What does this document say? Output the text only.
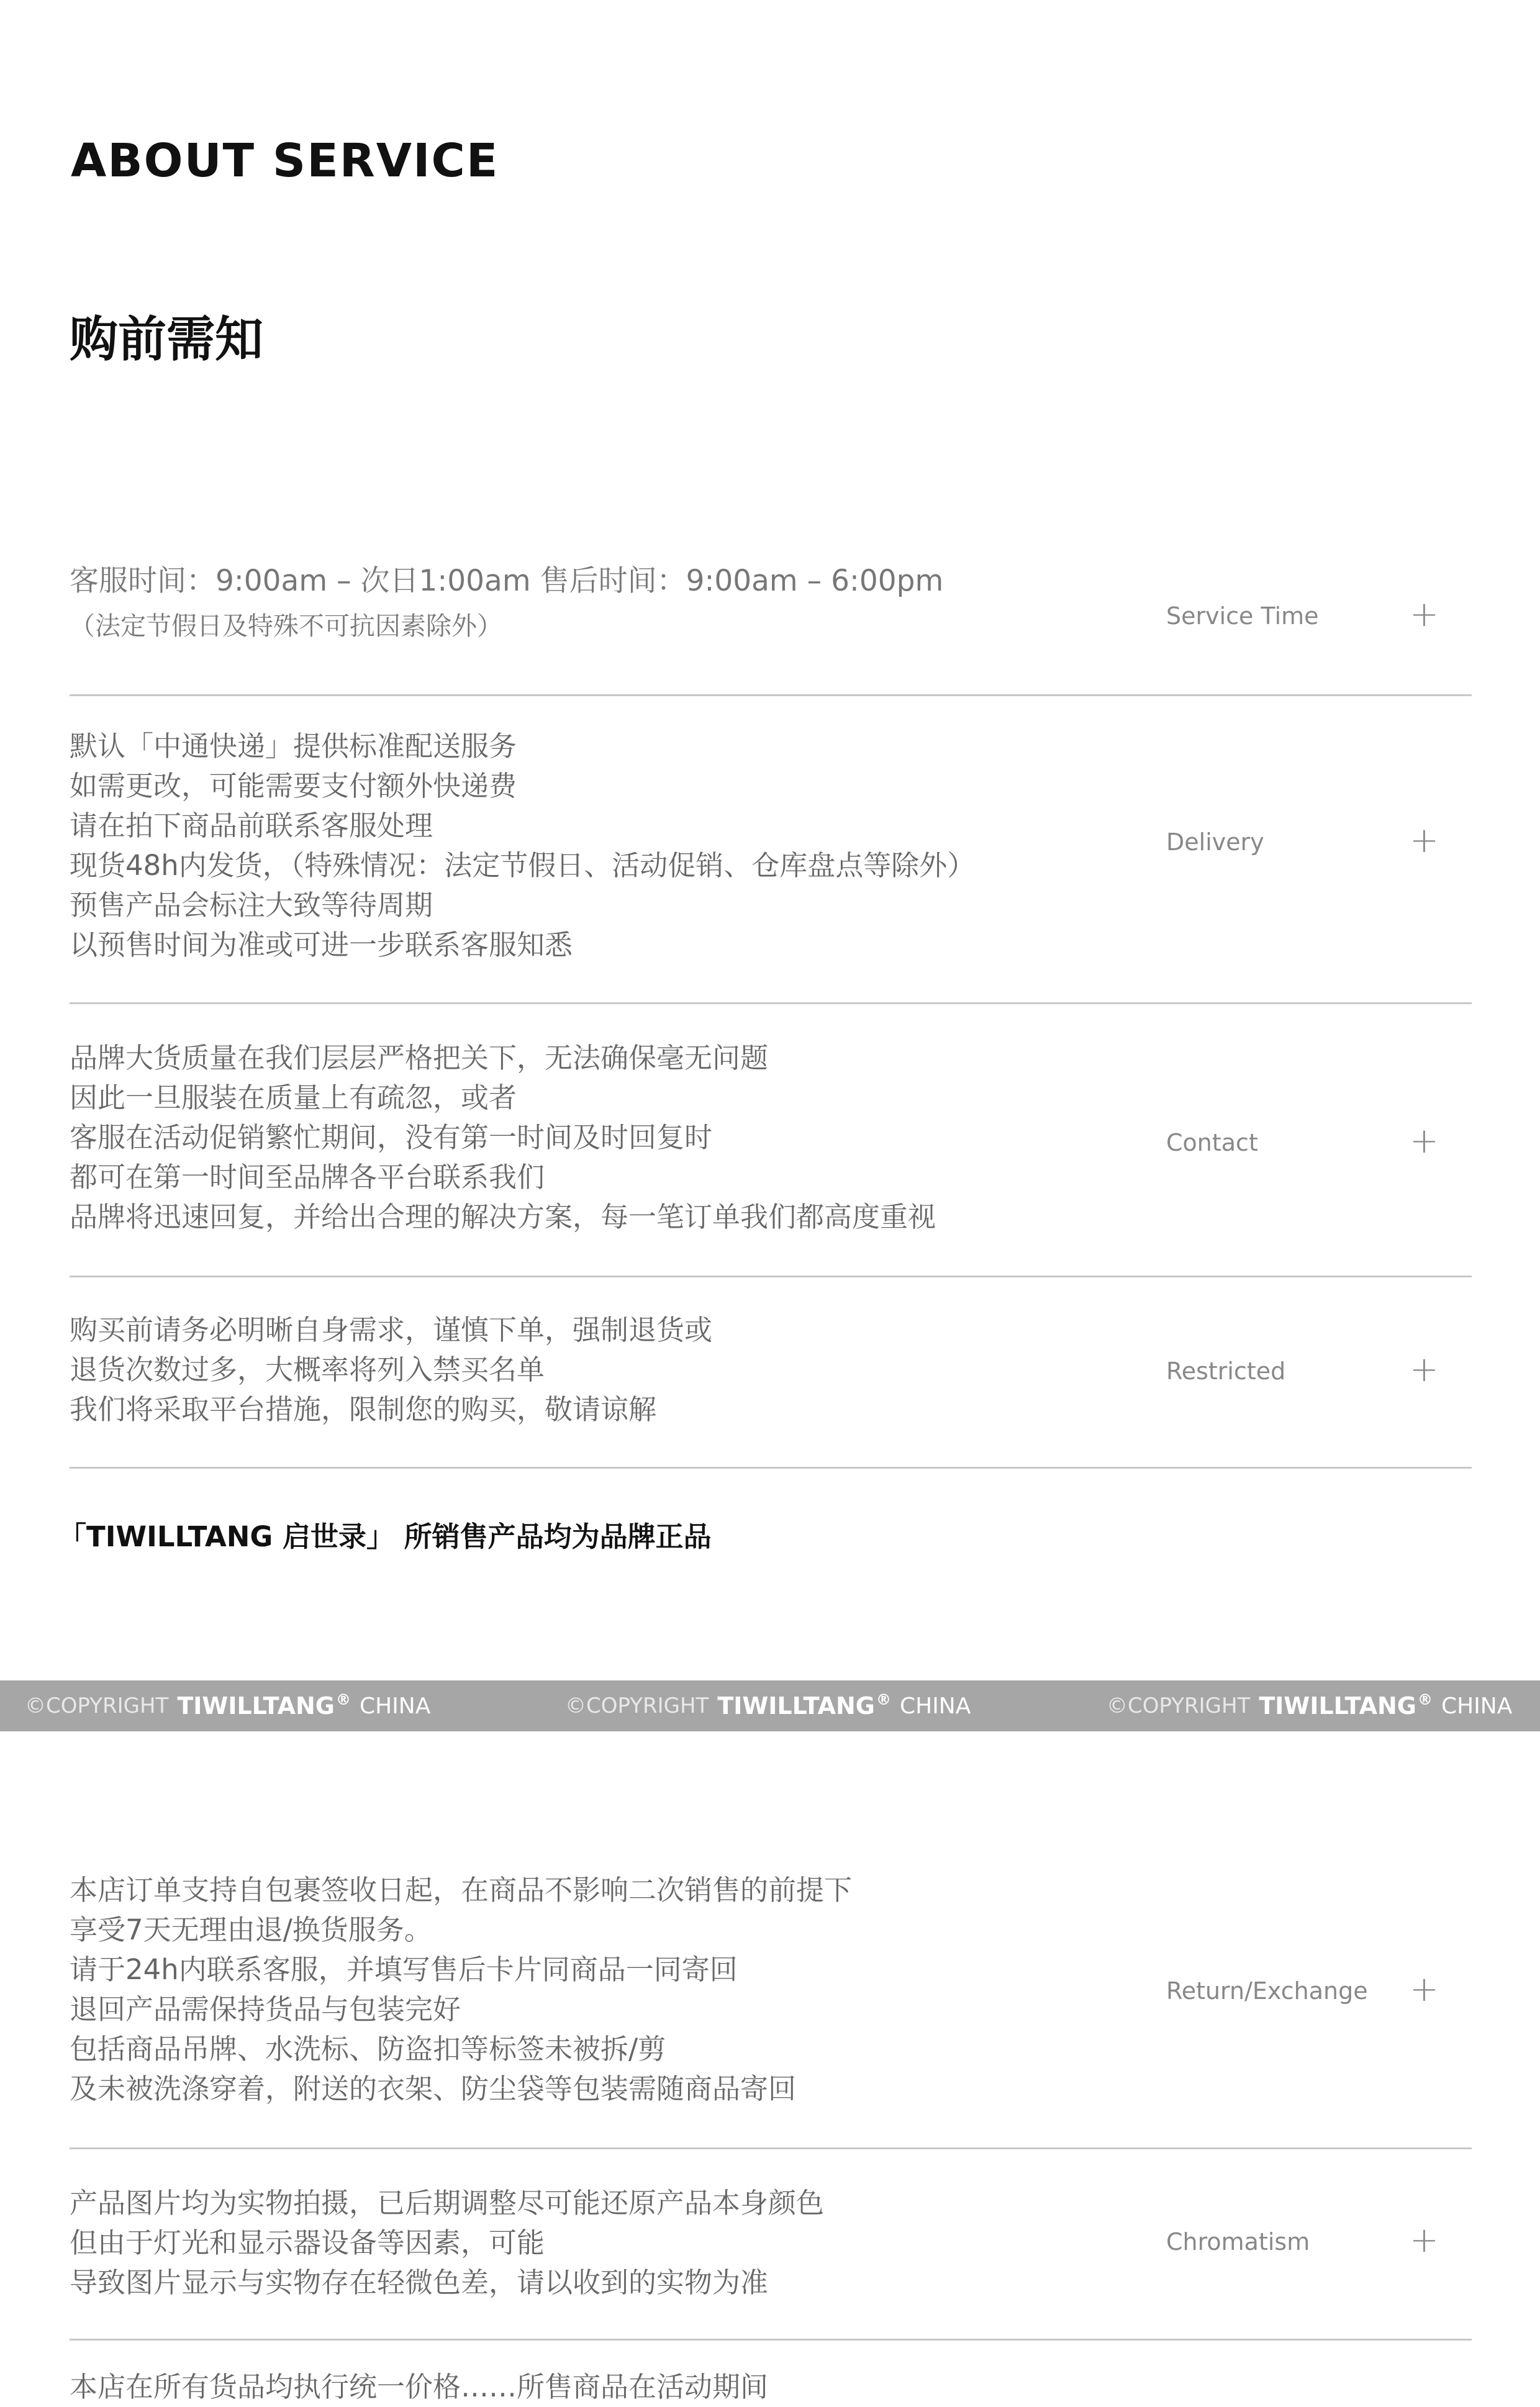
ABOUT SERVICE
购前需知
客服时间：9:00am – 次日1:00am 售后时间：9:00am – 6:00pm
（法定节假日及特殊不可抗因素除外）	Service Time	+
默认「中通快递」提供标准配送服务
如需更改，可能需要支付额外快递费
请在拍下商品前联系客服处理
现货48h内发货，（特殊情况：法定节假日、活动促销、仓库盘点等除外）
预售产品会标注大致等待周期
以预售时间为准或可进一步联系客服知悉
Delivery	+
品牌大货质量在我们层层严格把关下，无法确保毫无问题
因此一旦服装在质量上有疏忽，或者
客服在活动促销繁忙期间，没有第一时间及时回复时
都可在第一时间至品牌各平台联系我们
品牌将迅速回复，并给出合理的解决方案，每一笔订单我们都高度重视
Contact	+
购买前请务必明晰自身需求，谨慎下单，强制退货或
退货次数过多，大概率将列入禁买名单
我们将采取平台措施，限制您的购买，敬请谅解
Restricted	+
「TIWILLTANG 启世录」 所销售产品均为品牌正品
©COPYRIGHT TIWILLTANG ® CHINA	©COPYRIGHT TIWILLTANG ® CHINA	©COPYRIGHT TIWILLTANG ® CHINA
本店订单支持自包裹签收日起，在商品不影响二次销售的前提下
享受7天无理由退/换货服务。
请于24h内联系客服，并填写售后卡片同商品一同寄回
退回产品需保持货品与包装完好
包括商品吊牌、水洗标、防盗扣等标签未被拆/剪
及未被洗涤穿着，附送的衣架、防尘袋等包装需随商品寄回
Return/Exchange +
产品图片均为实物拍摄，已后期调整尽可能还原产品本身颜色
但由于灯光和显示器设备等因素，可能
导致图片显示与实物存在轻微色差，请以收到的实物为准
Chromatism	+
本店在所有货品均执行统一价格……所售商品在活动期间
